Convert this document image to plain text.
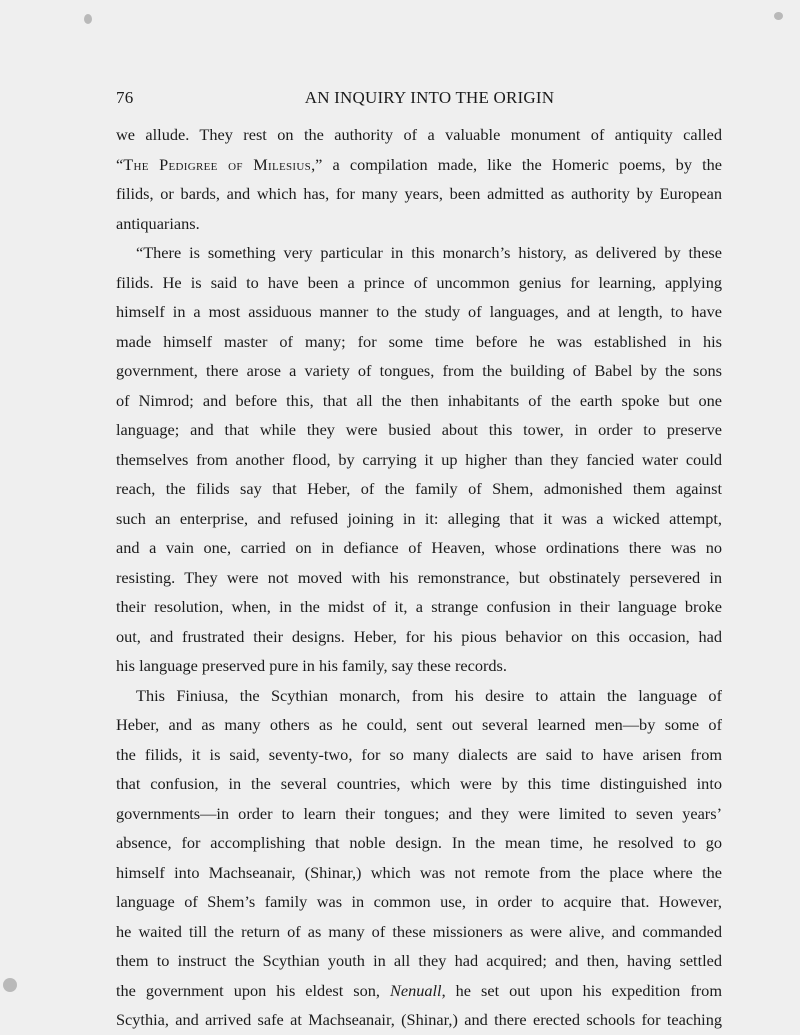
76	AN INQUIRY INTO THE ORIGIN
we allude. They rest on the authority of a valuable monument of antiquity called
“The Pedigree of Milesius,” a compilation made, like the Homeric poems, by the
filids, or bards, and which has, for many years, been admitted as authority by European
antiquarians.
“There is something very particular in this monarch’s history, as delivered by these
filids. He is said to have been a prince of uncommon genius for learning, applying
himself in a most assiduous manner to the study of languages, and at length, to have
made himself master of many; for some time before he was established in his
government, there arose a variety of tongues, from the building of Babel by the sons
of Nimrod; and before this, that all the then inhabitants of the earth spoke but one
language; and that while they were busied about this tower, in order to preserve
themselves from another flood, by carrying it up higher than they fancied water could
reach, the filids say that Heber, of the family of Shem, admonished them against
such an enterprise, and refused joining in it: alleging that it was a wicked attempt,
and a vain one, carried on in defiance of Heaven, whose ordinations there was no
resisting. They were not moved with his remonstrance, but obstinately persevered in
their resolution, when, in the midst of it, a strange confusion in their language broke
out, and frustrated their designs. Heber, for his pious behavior on this occasion, had
his language preserved pure in his family, say these records.
This Finiusa, the Scythian monarch, from his desire to attain the language of
Heber, and as many others as he could, sent out several learned men—by some of
the filids, it is said, seventy-two, for so many dialects are said to have arisen from
that confusion, in the several countries, which were by this time distinguished into
governments—in order to learn their tongues; and they were limited to seven years’
absence, for accomplishing that noble design. In the mean time, he resolved to go
himself into Machseanair, (Shinar,) which was not remote from the place where the
language of Shem’s family was in common use, in order to acquire that. However,
he waited till the return of as many of these missioners as were alive, and commanded
them to instruct the Scythian youth in all they had acquired; and then, having settled
the government upon his eldest son, Nenuall, he set out upon his expedition from
Scythia, and arrived safe at Machseanair, (Shinar,) and there erected schools for teaching
